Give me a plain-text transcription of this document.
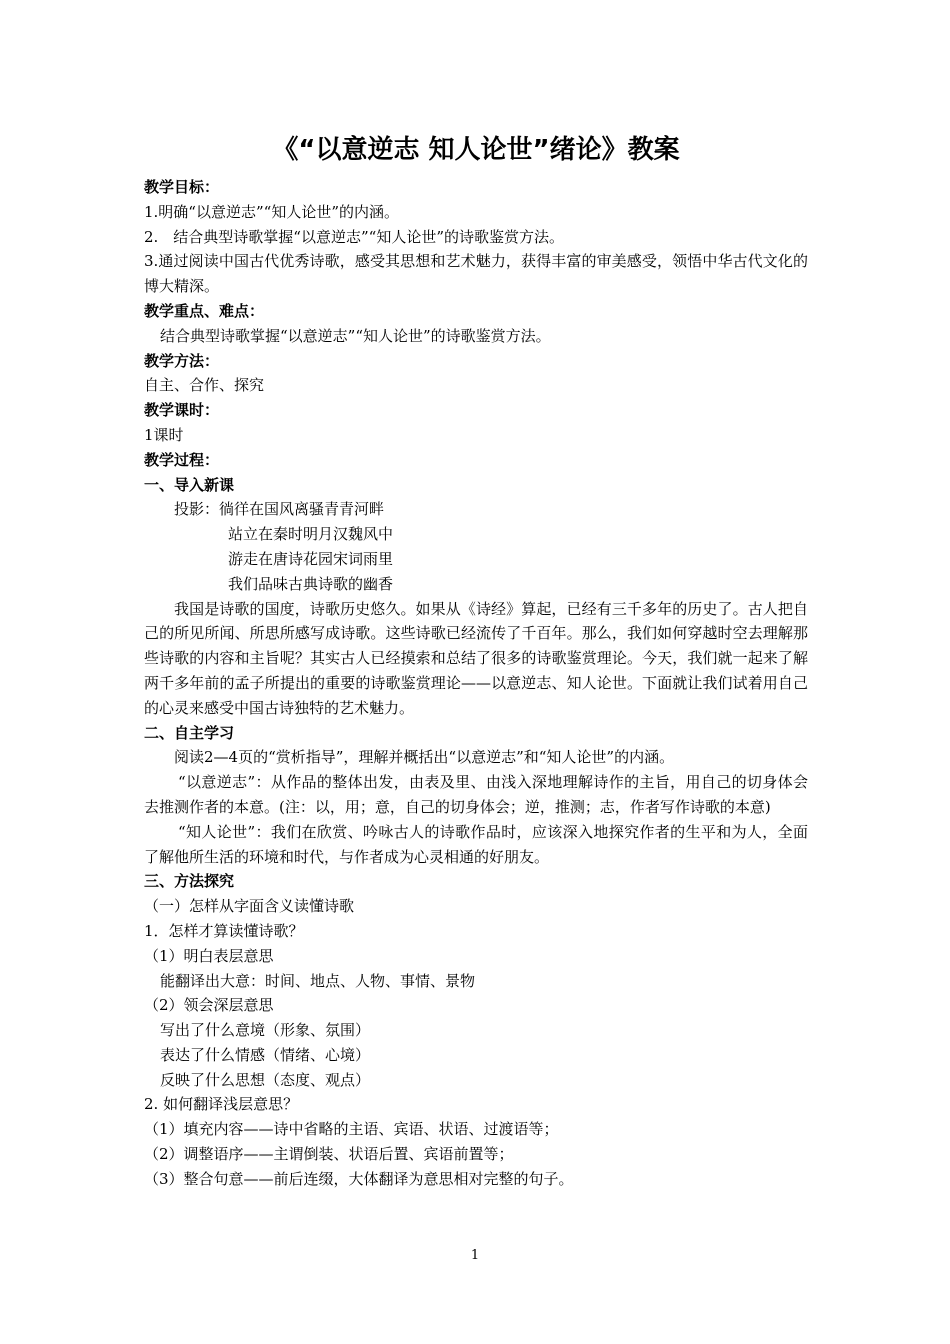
《“以意逆志 知人论世”绪论》教案
教学目标：
1.明确“以意逆志”“知人论世”的内涵。
2.　结合典型诗歌掌握“以意逆志”“知人论世”的诗歌鉴赏方法。
3.通过阅读中国古代优秀诗歌，感受其思想和艺术魅力，获得丰富的审美感受，领悟中华古代文化的博大精深。
教学重点、难点：
结合典型诗歌掌握“以意逆志”“知人论世”的诗歌鉴赏方法。
教学方法：
自主、合作、探究
教学课时：
1课时
教学过程：
一、导入新课
投影：徜徉在国风离骚青青河畔
站立在秦时明月汉魏风中
游走在唐诗花园宋词雨里
我们品味古典诗歌的幽香
我国是诗歌的国度，诗歌历史悠久。如果从《诗经》算起，已经有三千多年的历史了。古人把自己的所见所闻、所思所感写成诗歌。这些诗歌已经流传了千百年。那么，我们如何穿越时空去理解那些诗歌的内容和主旨呢？其实古人已经摸索和总结了很多的诗歌鉴赏理论。今天，我们就一起来了解两千多年前的孟子所提出的重要的诗歌鉴赏理论——以意逆志、知人论世。下面就让我们试着用自己的心灵来感受中国古诗独特的艺术魅力。
二、自主学习
阅读2—4页的“赏析指导”，理解并概括出“以意逆志”和“知人论世”的内涵。
“以意逆志”：从作品的整体出发，由表及里、由浅入深地理解诗作的主旨，用自己的切身体会去推测作者的本意。(注：以，用；意，自己的切身体会；逆，推测；志，作者写作诗歌的本意)
“知人论世”：我们在欣赏、吟咏古人的诗歌作品时，应该深入地探究作者的生平和为人，全面了解他所生活的环境和时代，与作者成为心灵相通的好朋友。
三、方法探究
（一）怎样从字面含义读懂诗歌
1．怎样才算读懂诗歌？
（1）明白表层意思
能翻译出大意：时间、地点、人物、事情、景物
（2）领会深层意思
写出了什么意境（形象、氛围）
表达了什么情感（情绪、心境）
反映了什么思想（态度、观点）
2. 如何翻译浅层意思？
（1）填充内容——诗中省略的主语、宾语、状语、过渡语等；
（2）调整语序——主谓倒装、状语后置、宾语前置等；
（3）整合句意——前后连缀，大体翻译为意思相对完整的句子。
1
